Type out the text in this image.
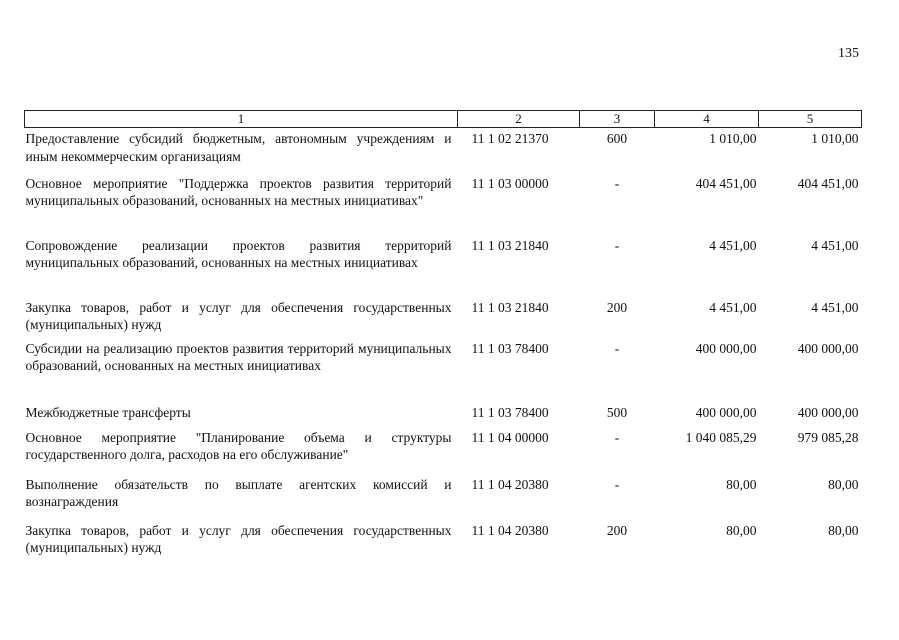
135
1	2	3	4	5
Предоставление субсидий бюджетным, автономным учреждениям и иным некоммерческим организациям	11 1 02 21370	600	1 010,00	1 010,00
Основное мероприятие "Поддержка проектов развития территорий муниципальных образований, основанных на местных инициативах"	11 1 03 00000	-	404 451,00	404 451,00
Сопровождение реализации проектов развития территорий муниципальных образований, основанных на местных инициативах	11 1 03 21840	-	4 451,00	4 451,00
Закупка товаров, работ и услуг для обеспечения государственных (муниципальных) нужд	11 1 03 21840	200	4 451,00	4 451,00
Субсидии на реализацию проектов развития территорий муниципальных образований, основанных на местных инициативах	11 1 03 78400	-	400 000,00	400 000,00
Межбюджетные трансферты	11 1 03 78400	500	400 000,00	400 000,00
Основное мероприятие "Планирование объема и структуры государственного долга, расходов на его обслуживание"	11 1 04 00000	-	1 040 085,29	979 085,28
Выполнение обязательств по выплате агентских комиссий и вознаграждения	11 1 04 20380	-	80,00	80,00
Закупка товаров, работ и услуг для обеспечения государственных (муниципальных) нужд	11 1 04 20380	200	80,00	80,00
